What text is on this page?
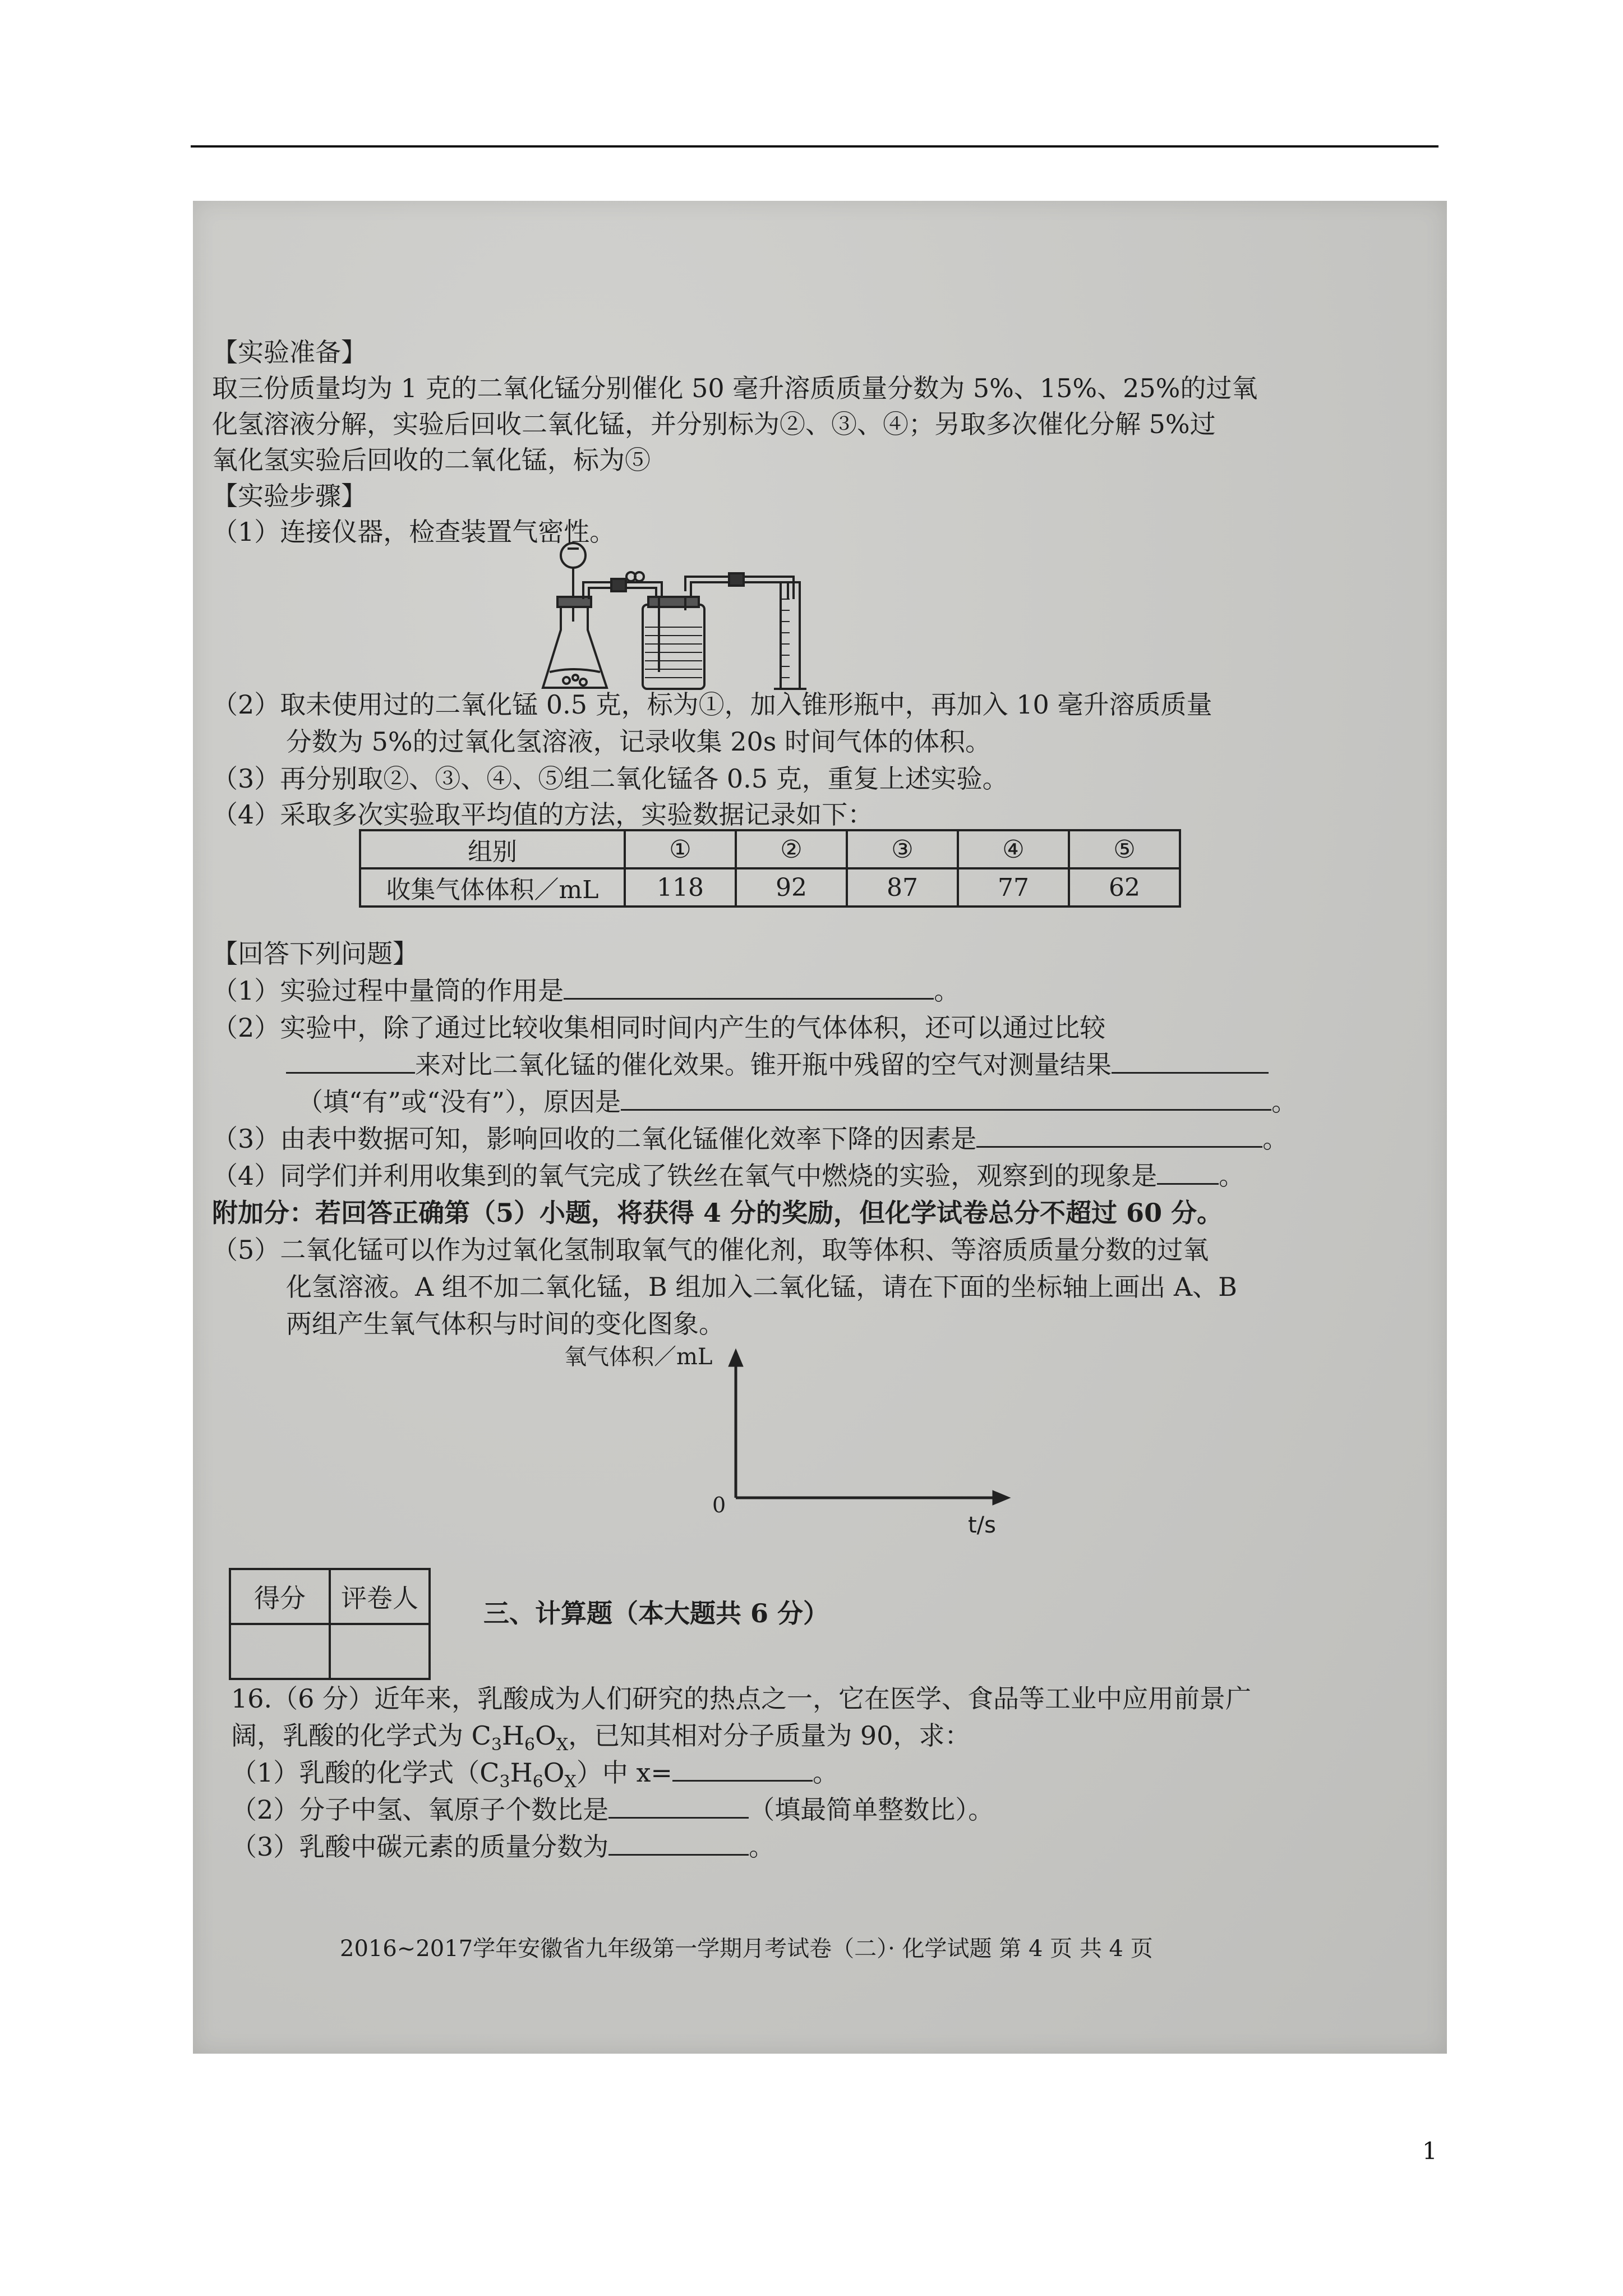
【实验准备】
取三份质量均为 1 克的二氧化锰分别催化 50 毫升溶质质量分数为 5%、15%、25%的过氧
化氢溶液分解，实验后回收二氧化锰，并分别标为②、③、④；另取多次催化分解 5%过
氧化氢实验后回收的二氧化锰，标为⑤
【实验步骤】
（1）连接仪器，检查装置气密性。
（2）取未使用过的二氧化锰 0.5 克，标为①，加入锥形瓶中，再加入 10 毫升溶质质量
分数为 5%的过氧化氢溶液，记录收集 20s 时间气体的体积。
（3）再分别取②、③、④、⑤组二氧化锰各 0.5 克，重复上述实验。
（4）采取多次实验取平均值的方法，实验数据记录如下：
组别	①	②	③	④	⑤
收集气体体积／mL	118	92	87	77	62
【回答下列问题】
（1）实验过程中量筒的作用是	。
（2）实验中，除了通过比较收集相同时间内产生的气体体积，还可以通过比较
来对比二氧化锰的催化效果。锥开瓶中残留的空气对测量结果
（填“有”或“没有”），原因是	。
（3）由表中数据可知，影响回收的二氧化锰催化效率下降的因素是	。
（4）同学们并利用收集到的氧气完成了铁丝在氧气中燃烧的实验，观察到的现象是 。
附加分：若回答正确第（5）小题，将获得 4 分的奖励，但化学试卷总分不超过 60 分。
（5）二氧化锰可以作为过氧化氢制取氧气的催化剂，取等体积、等溶质质量分数的过氧
化氢溶液。A 组不加二氧化锰，B 组加入二氧化锰，请在下面的坐标轴上画出 A、B
两组产生氧气体积与时间的变化图象。
氧气体积／mL
0
t/s
得分	评卷人
		三、计算题（本大题共 6 分）
16.（6 分）近年来，乳酸成为人们研究的热点之一，它在医学、食品等工业中应用前景广
阔，乳酸的化学式为 $C_3H_6O_X$，已知其相对分子质量为 90，求：
（1）乳酸的化学式$(C_3H_6O_X)$中 x=	。
（2）分子中氢、氧原子个数比是	（填最简单整数比）。
（3）乳酸中碳元素的质量分数为	。
2016~2017学年安徽省九年级第一学期月考试卷（二）· 化学试题 第 4 页 共 4 页
1
